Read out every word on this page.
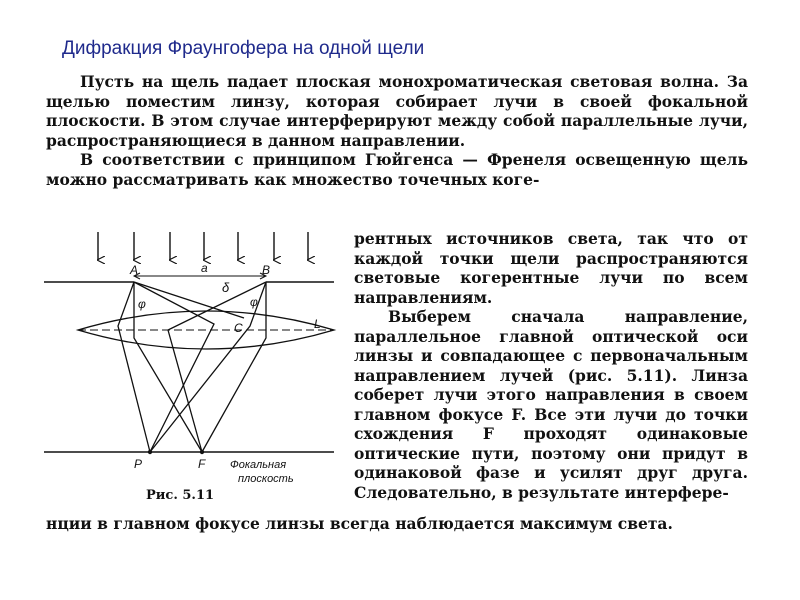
Дифракция Фраунгофера на одной щели

Пусть на щель падает плоская монохроматическая световая волна. За щелью поместим линзу, которая собирает лучи в своей фокальной плоскости. В этом случае интерферируют между собой параллельные лучи, распространяющиеся в данном направлении.

В соответствии с принципом Гюйгенса — Френеля освещенную щель можно рассматривать как множество точечных коге-

A	B
a
δ
φ	φ
C	L
P	F Фокальная
плоскость
Рис. 5.11

рентных источников света, так что от каждой точки щели распространяются световые когерентные лучи по всем направлениям.

Выберем сначала направление, параллельное главной оптической оси линзы и совпадающее с первоначальным направлением лучей (рис. 5.11). Линза соберет лучи этого направления в своем главном фокусе F. Все эти лучи до точки схождения F проходят одинаковые оптические пути, поэтому они придут в одинаковой фазе и усилят друг друга. Следовательно, в результате интерфере-

нции в главном фокусе линзы всегда наблюдается максимум света.
